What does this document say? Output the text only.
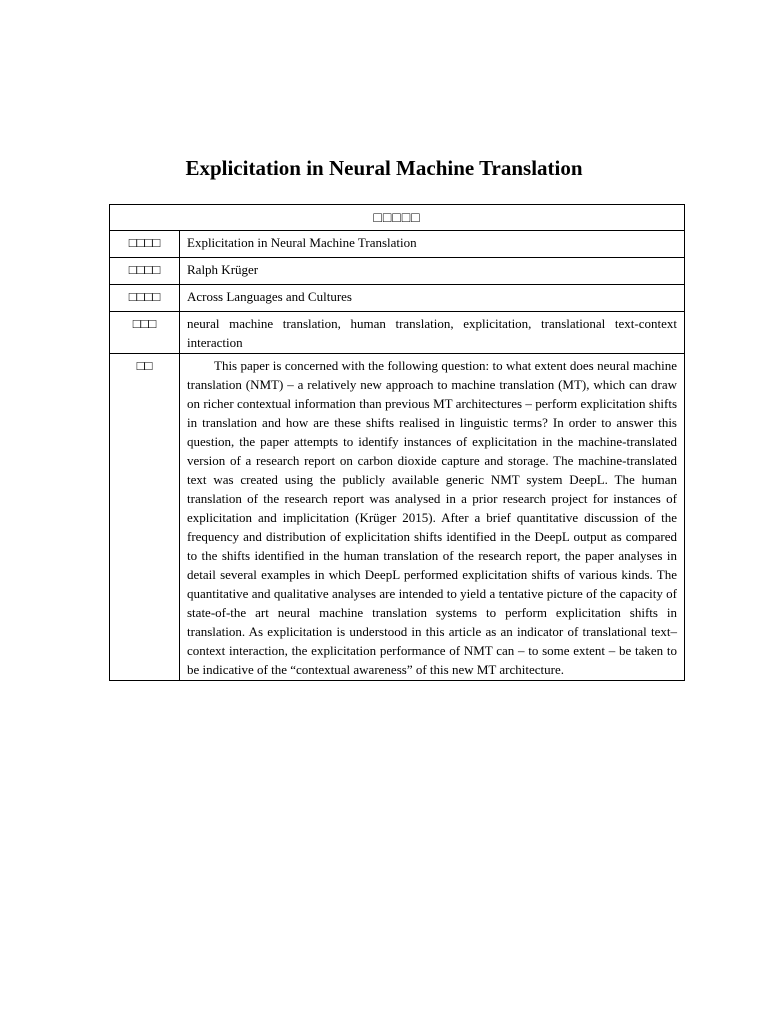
Explicitation in Neural Machine Translation
□□□□□	
□□□□	Explicitation in Neural Machine Translation
□□□□	Ralph Krüger
□□□□	Across Languages and Cultures
□□□	neural machine translation, human translation, explicitation, translational text-context interaction
□□	This paper is concerned with the following question: to what extent does neural machine translation (NMT) – a relatively new approach to machine translation (MT), which can draw on richer contextual information than previous MT architectures – perform explicitation shifts in translation and how are these shifts realised in linguistic terms? In order to answer this question, the paper attempts to identify instances of explicitation in the machine-translated version of a research report on carbon dioxide capture and storage. The machine-translated text was created using the publicly available generic NMT system DeepL. The human translation of the research report was analysed in a prior research project for instances of explicitation and implicitation (Krüger 2015). After a brief quantitative discussion of the frequency and distribution of explicitation shifts identified in the DeepL output as compared to the shifts identified in the human translation of the research report, the paper analyses in detail several examples in which DeepL performed explicitation shifts of various kinds. The quantitative and qualitative analyses are intended to yield a tentative picture of the capacity of state-of-the art neural machine translation systems to perform explicitation shifts in translation. As explicitation is understood in this article as an indicator of translational text–context interaction, the explicitation performance of NMT can – to some extent – be taken to be indicative of the “contextual awareness” of this new MT architecture.
